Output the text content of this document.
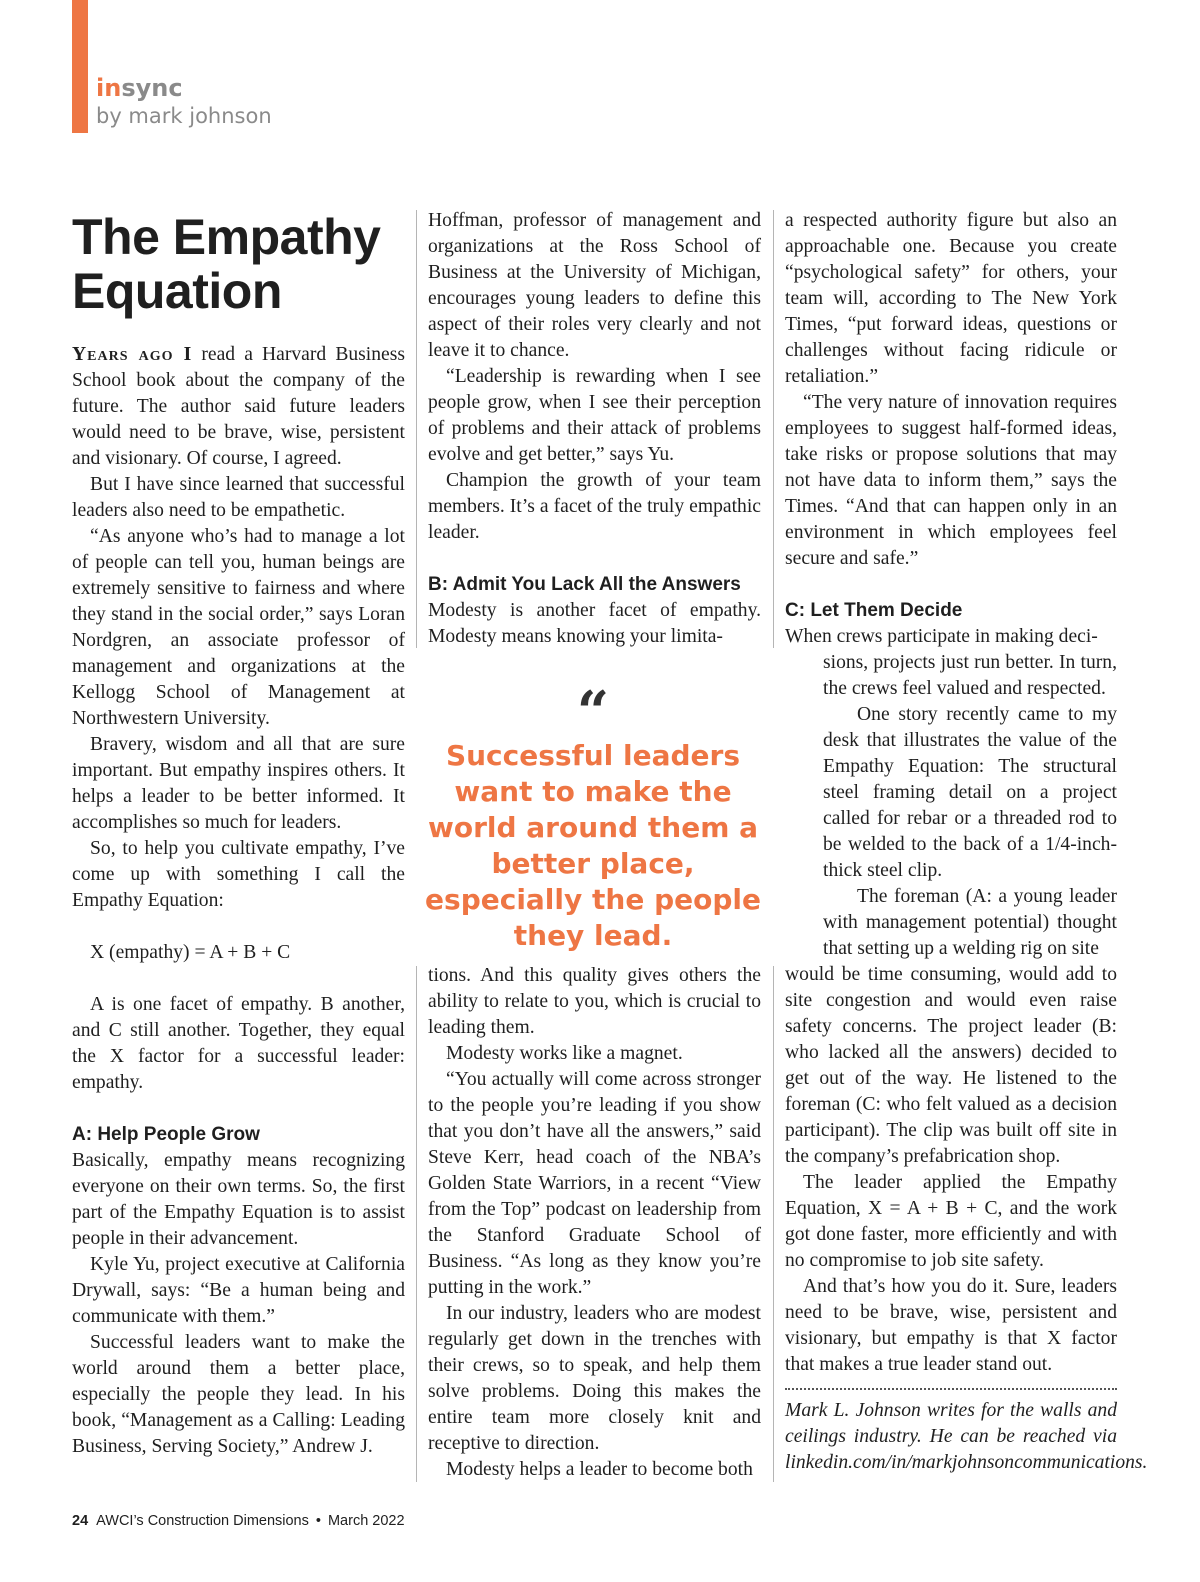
insync
by mark johnson
The Empathy Equation

Years ago I read a Harvard Business School book about the company of the future. The author said future leaders would need to be brave, wise, persistent and visionary. Of course, I agreed.

But I have since learned that successful leaders also need to be empathetic.

“As anyone who’s had to manage a lot of people can tell you, human beings are extremely sensitive to fairness and where they stand in the social order,” says Loran Nordgren, an associate professor of management and organizations at the Kellogg School of Management at Northwestern University.

Bravery, wisdom and all that are sure important. But empathy inspires others. It helps a leader to be better informed. It accomplishes so much for leaders.

So, to help you cultivate empathy, I’ve come up with something I call the Empathy Equation:

X (empathy) = A + B + C

A is one facet of empathy. B another, and C still another. Together, they equal the X factor for a successful leader: empathy.

A: Help People Grow

Basically, empathy means recognizing everyone on their own terms. So, the first part of the Empathy Equation is to assist people in their advancement.

Kyle Yu, project executive at California Drywall, says: “Be a human being and communicate with them.”

Successful leaders want to make the world around them a better place, especially the people they lead. In his book, “Management as a Calling: Leading Business, Serving Society,” Andrew J.

Hoffman, professor of management and organizations at the Ross School of Business at the University of Michigan, encourages young leaders to define this aspect of their roles very clearly and not leave it to chance.

“Leadership is rewarding when I see people grow, when I see their perception of problems and their attack of problems evolve and get better,” says Yu.

Champion the growth of your team members. It’s a facet of the truly empathic leader.

B: Admit You Lack All the Answers

Modesty is another facet of empathy. Modesty means knowing your limita-

“
Successful leaders want to make the world around them a better place, especially the people they lead.

tions. And this quality gives others the ability to relate to you, which is crucial to leading them.

Modesty works like a magnet.

“You actually will come across stronger to the people you’re leading if you show that you don’t have all the answers,” said Steve Kerr, head coach of the NBA’s Golden State Warriors, in a recent “View from the Top” podcast on leadership from the Stanford Graduate School of Business. “As long as they know you’re putting in the work.”

In our industry, leaders who are modest regularly get down in the trenches with their crews, so to speak, and help them solve problems. Doing this makes the entire team more closely knit and receptive to direction.

Modesty helps a leader to become both

a respected authority figure but also an approachable one. Because you create “psychological safety” for others, your team will, according to The New York Times, “put forward ideas, questions or challenges without facing ridicule or retaliation.”

“The very nature of innovation requires employees to suggest half-formed ideas, take risks or propose solutions that may not have data to inform them,” says the Times. “And that can happen only in an environment in which employees feel secure and safe.”

C: Let Them Decide

When crews participate in making deci-

sions, projects just run better. In turn, the crews feel valued and respected.

One story recently came to my desk that illustrates the value of the Empathy Equation: The structural steel framing detail on a project called for rebar or a threaded rod to be welded to the back of a 1/4-inch-thick steel clip.

The foreman (A: a young leader with management potential) thought that setting up a welding rig on site

would be time consuming, would add to site congestion and would even raise safety concerns. The project leader (B: who lacked all the answers) decided to get out of the way. He listened to the foreman (C: who felt valued as a decision participant). The clip was built off site in the company’s prefabrication shop.

The leader applied the Empathy Equation, X = A + B + C, and the work got done faster, more efficiently and with no compromise to job site safety.

And that’s how you do it. Sure, leaders need to be brave, wise, persistent and visionary, but empathy is that X factor that makes a true leader stand out.

Mark L. Johnson writes for the walls and ceilings industry. He can be reached via linkedin.com/in/markjohnsoncommunications.

24 AWCI’s Construction Dimensions • March 2022
